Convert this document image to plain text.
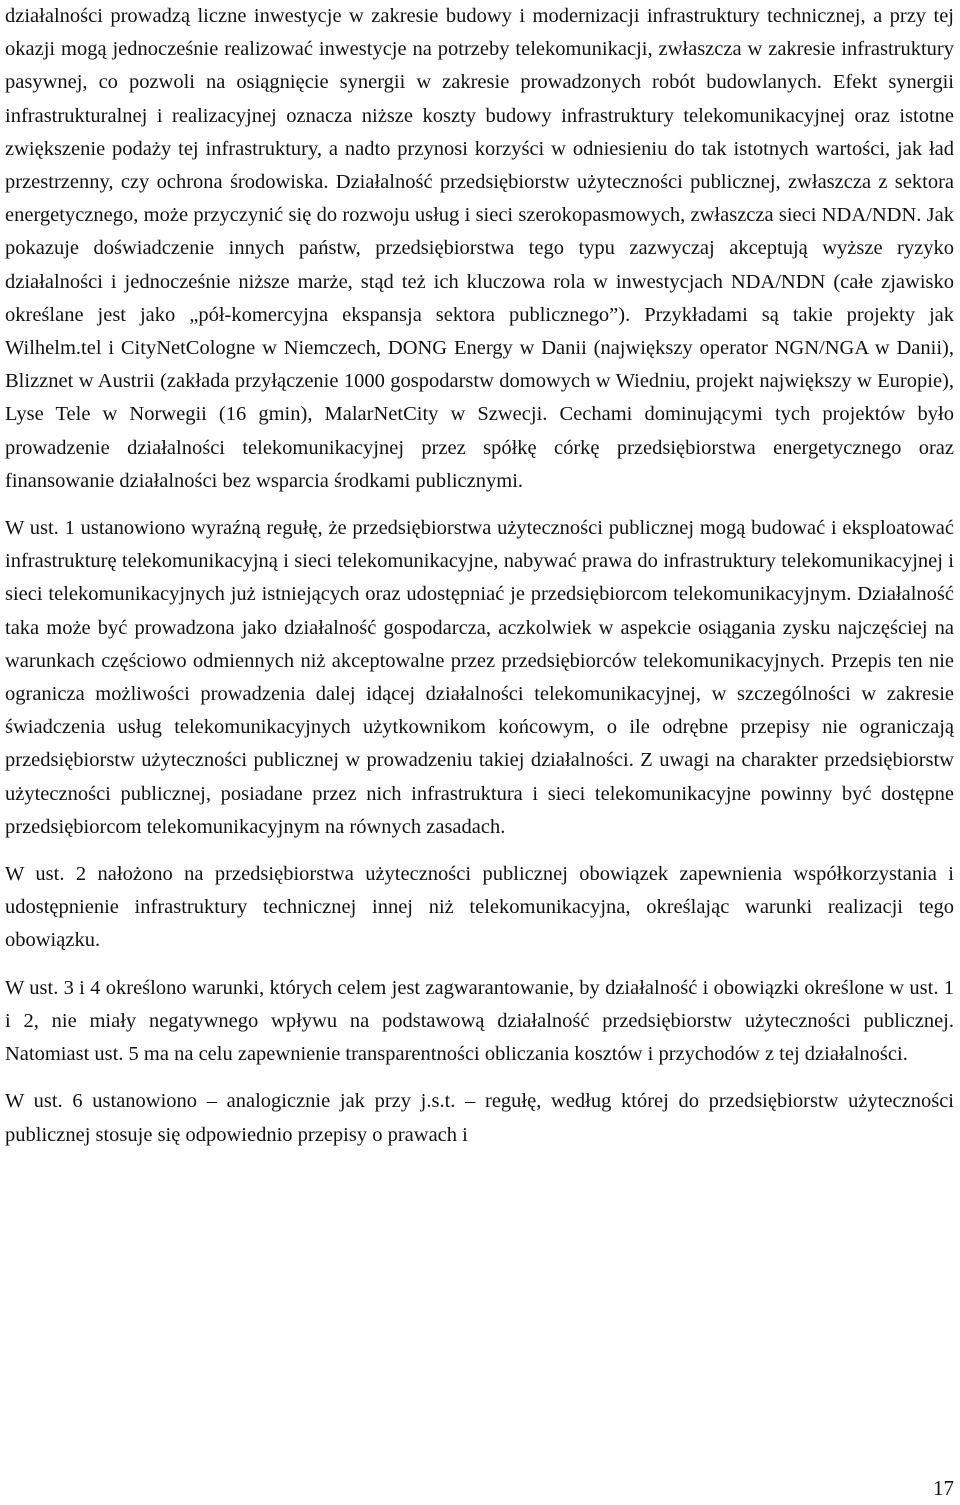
działalności prowadzą liczne inwestycje w zakresie budowy i modernizacji infrastruktury technicznej, a przy tej okazji mogą jednocześnie realizować inwestycje na potrzeby telekomunikacji, zwłaszcza w zakresie infrastruktury pasywnej, co pozwoli na osiągnięcie synergii w zakresie prowadzonych robót budowlanych. Efekt synergii infrastrukturalnej i realizacyjnej oznacza niższe koszty budowy infrastruktury telekomunikacyjnej oraz istotne zwiększenie podaży tej infrastruktury, a nadto przynosi korzyści w odniesieniu do tak istotnych wartości, jak ład przestrzenny, czy ochrona środowiska. Działalność przedsiębiorstw użyteczności publicznej, zwłaszcza z sektora energetycznego, może przyczynić się do rozwoju usług i sieci szerokopasmowych, zwłaszcza sieci NDA/NDN. Jak pokazuje doświadczenie innych państw, przedsiębiorstwa tego typu zazwyczaj akceptują wyższe ryzyko działalności i jednocześnie niższe marże, stąd też ich kluczowa rola w inwestycjach NDA/NDN (całe zjawisko określane jest jako „pół-komercyjna ekspansja sektora publicznego”). Przykładami są takie projekty jak Wilhelm.tel i CityNetCologne w Niemczech, DONG Energy w Danii (największy operator NGN/NGA w Danii), Blizznet w Austrii (zakłada przyłączenie 1000 gospodarstw domowych w Wiedniu, projekt największy w Europie), Lyse Tele w Norwegii (16 gmin), MalarNetCity w Szwecji. Cechami dominującymi tych projektów było prowadzenie działalności telekomunikacyjnej przez spółkę córkę przedsiębiorstwa energetycznego oraz finansowanie działalności bez wsparcia środkami publicznymi.

W ust. 1 ustanowiono wyraźną regułę, że przedsiębiorstwa użyteczności publicznej mogą budować i eksploatować infrastrukturę telekomunikacyjną i sieci telekomunikacyjne, nabywać prawa do infrastruktury telekomunikacyjnej i sieci telekomunikacyjnych już istniejących oraz udostępniać je przedsiębiorcom telekomunikacyjnym. Działalność taka może być prowadzona jako działalność gospodarcza, aczkolwiek w aspekcie osiągania zysku najczęściej na warunkach częściowo odmiennych niż akceptowalne przez przedsiębiorców telekomunikacyjnych. Przepis ten nie ogranicza możliwości prowadzenia dalej idącej działalności telekomunikacyjnej, w szczególności w zakresie świadczenia usług telekomunikacyjnych użytkownikom końcowym, o ile odrębne przepisy nie ograniczają przedsiębiorstw użyteczności publicznej w prowadzeniu takiej działalności. Z uwagi na charakter przedsiębiorstw użyteczności publicznej, posiadane przez nich infrastruktura i sieci telekomunikacyjne powinny być dostępne przedsiębiorcom telekomunikacyjnym na równych zasadach.

W ust. 2 nałożono na przedsiębiorstwa użyteczności publicznej obowiązek zapewnienia współkorzystania i udostępnienie infrastruktury technicznej innej niż telekomunikacyjna, określając warunki realizacji tego obowiązku.

W ust. 3 i 4 określono warunki, których celem jest zagwarantowanie, by działalność i obowiązki określone w ust. 1 i 2, nie miały negatywnego wpływu na podstawową działalność przedsiębiorstw użyteczności publicznej. Natomiast ust. 5 ma na celu zapewnienie transparentności obliczania kosztów i przychodów z tej działalności.

W ust. 6 ustanowiono – analogicznie jak przy j.s.t. – regułę, według której do przedsiębiorstw użyteczności publicznej stosuje się odpowiednio przepisy o prawach i

17
